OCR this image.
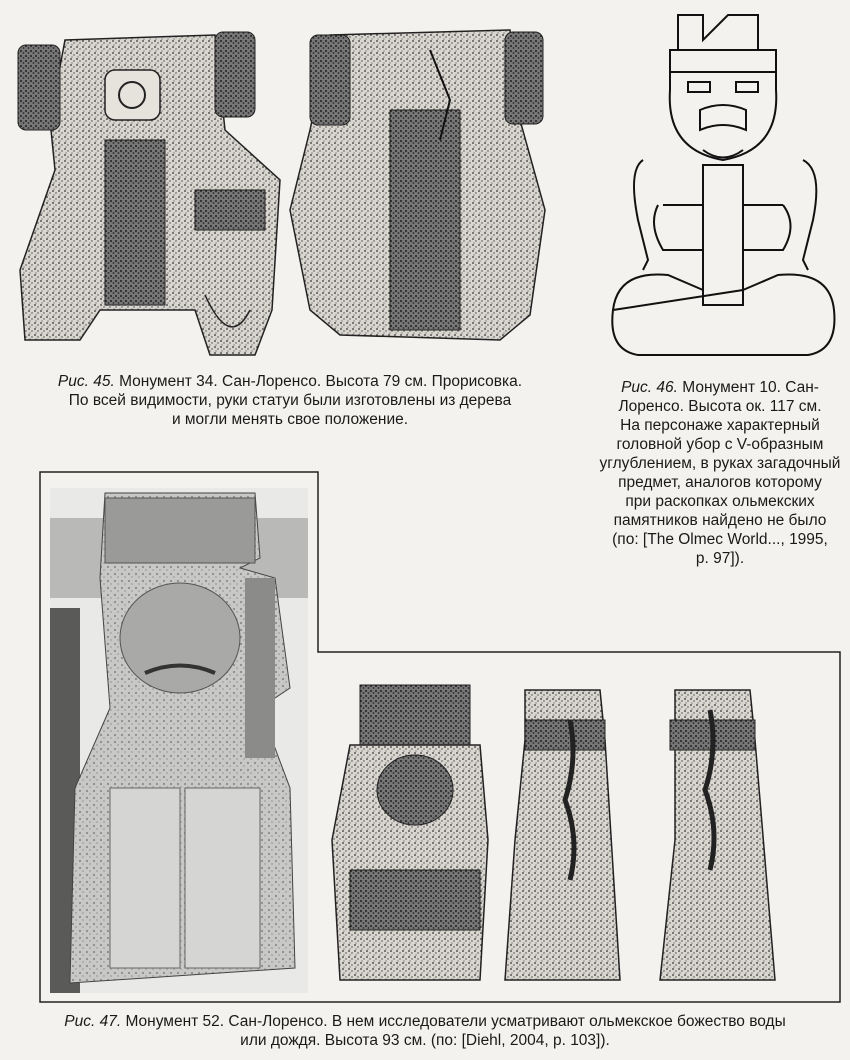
Рис. 45. Монумент 34. Сан-Лоренсо. Высота 79 см. Прорисовка.
По всей видимости, руки статуи были изготовлены из дерева
и могли менять свое положение.
Рис. 46. Монумент 10. Сан-
Лоренсо. Высота ок. 117 см.
На персонаже характерный
головной убор с V-образным
углублением, в руках загадочный
предмет, аналогов которому
при раскопках ольмекских
памятников найдено не было
(по: [The Olmec World..., 1995,
p. 97]).
Рис. 47. Монумент 52. Сан-Лоренсо. В нем исследователи усматривают ольмекское божество воды
или дождя. Высота 93 см. (по: [Diehl, 2004, p. 103]).
